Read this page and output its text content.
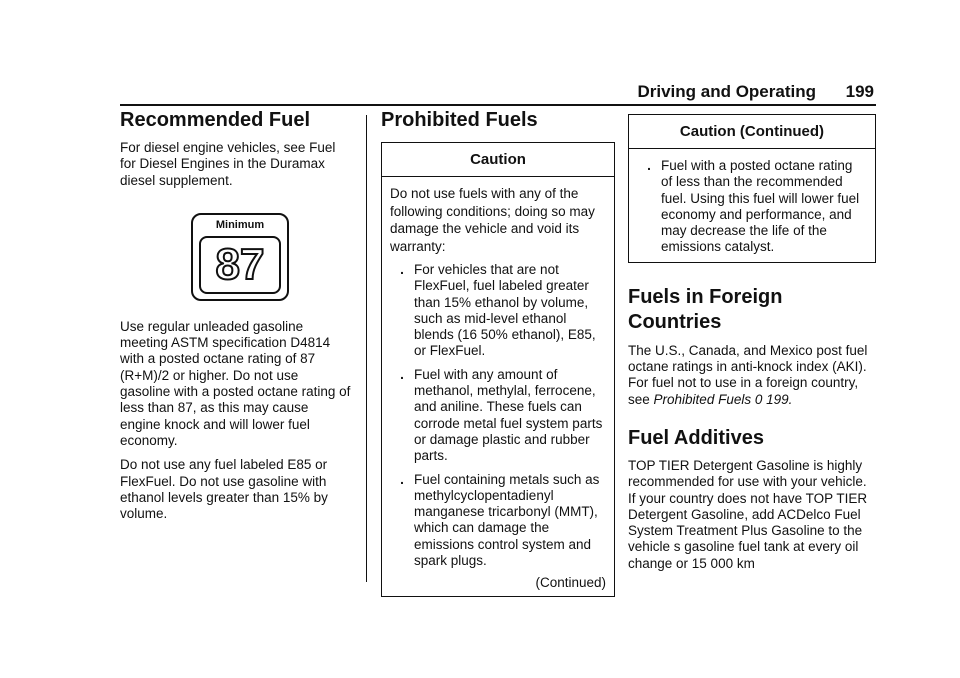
Driving and Operating 199
Recommended Fuel

For diesel engine vehicles, see Fuel for Diesel Engines in the Duramax diesel supplement.

Minimum
87

Use regular unleaded gasoline meeting ASTM specification D4814 with a posted octane rating of 87 (R+M)/2 or higher. Do not use gasoline with a posted octane rating of less than 87, as this may cause engine knock and will lower fuel economy.

Do not use any fuel labeled E85 or FlexFuel. Do not use gasoline with ethanol levels greater than 15% by volume.

Prohibited Fuels
Caution

Do not use fuels with any of the following conditions; doing so may damage the vehicle and void its warranty:

. For vehicles that are not FlexFuel, fuel labeled greater than 15% ethanol by volume, such as mid-level ethanol blends (16 50% ethanol), E85, or FlexFuel.
. Fuel with any amount of methanol, methylal, ferrocene, and aniline. These fuels can corrode metal fuel system parts or damage plastic and rubber parts.
. Fuel containing metals such as methylcyclopentadienyl manganese tricarbonyl (MMT), which can damage the emissions control system and spark plugs.
(Continued)
Caution (Continued)
. Fuel with a posted octane rating of less than the recommended fuel. Using this fuel will lower fuel economy and performance, and may decrease the life of the emissions catalyst.
Fuels in Foreign Countries

The U.S., Canada, and Mexico post fuel octane ratings in anti-knock index (AKI). For fuel not to use in a foreign country, see Prohibited Fuels 0 199.

Fuel Additives

TOP TIER Detergent Gasoline is highly recommended for use with your vehicle. If your country does not have TOP TIER Detergent Gasoline, add ACDelco Fuel System Treatment Plus Gasoline to the vehicle s gasoline fuel tank at every oil change or 15 000 km
